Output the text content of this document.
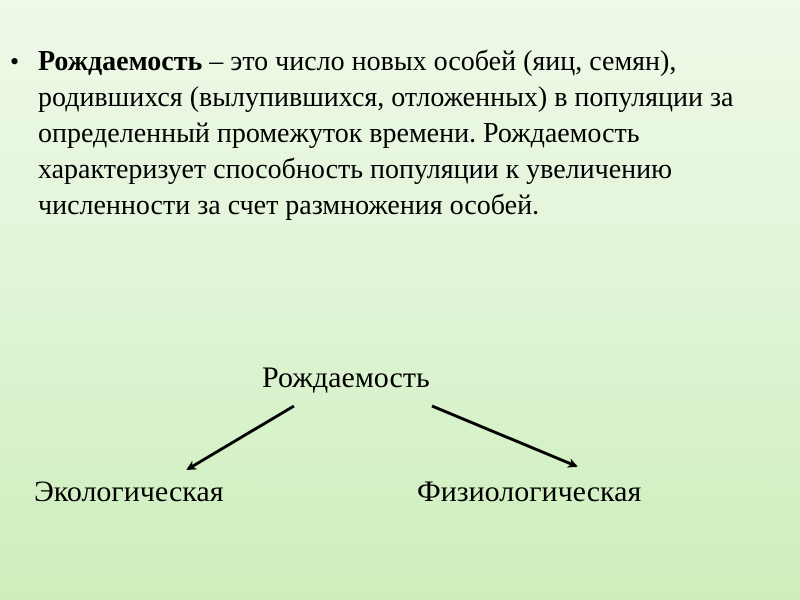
• Рождаемость – это число новых особей (яиц, семян), родившихся (вылупившихся, отложенных) в популяции за определенный промежуток времени. Рождаемость характеризует способность популяции к увеличению численности за счет размножения особей.
Рождаемость
Экологическая	Физиологическая
